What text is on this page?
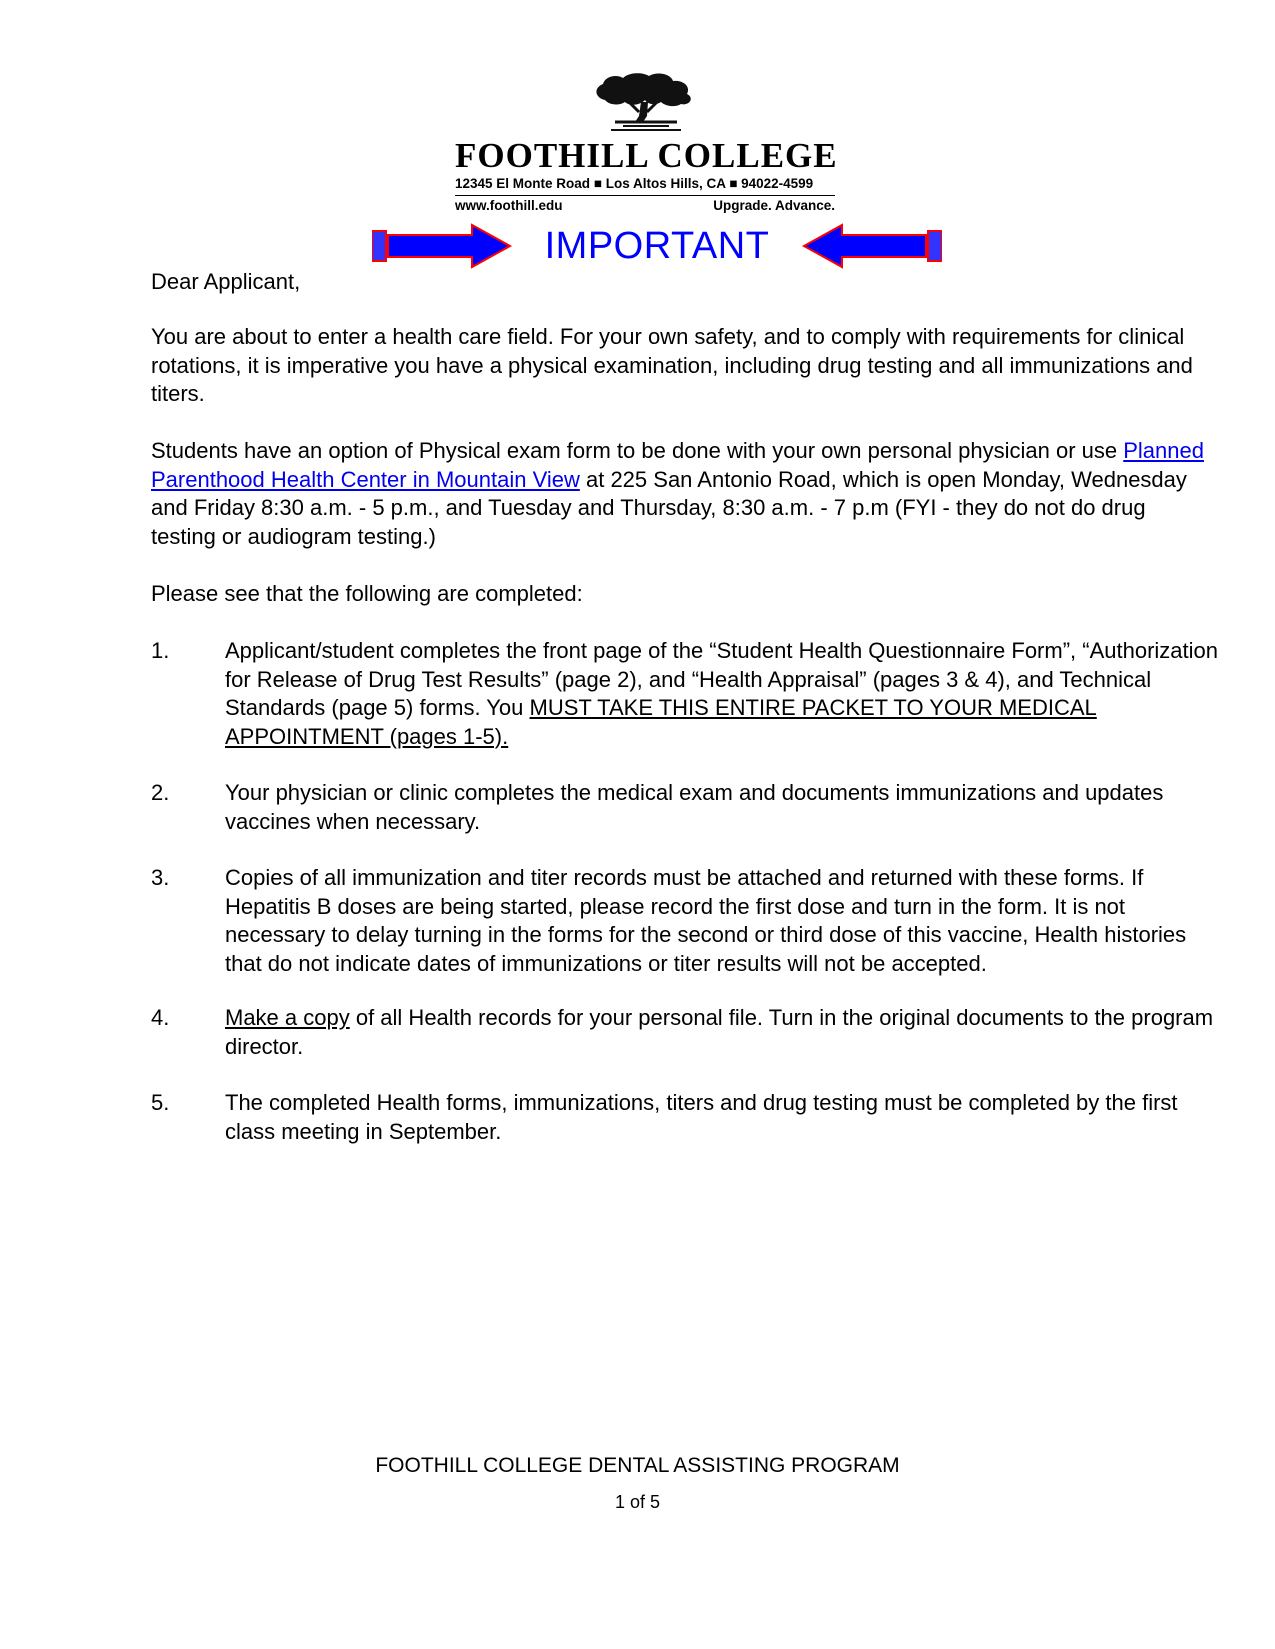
FOOTHILL COLLEGE
12345 El Monte Road ■ Los Altos Hills, CA ■ 94022-4599
www.foothill.edu	Upgrade. Advance.
IMPORTANT
Dear Applicant,
You are about to enter a health care field. For your own safety, and to comply with requirements for clinical rotations, it is imperative you have a physical examination, including drug testing and all immunizations and titers.
Students have an option of Physical exam form to be done with your own personal physician or use Planned Parenthood Health Center in Mountain View at 225 San Antonio Road, which is open Monday, Wednesday and Friday 8:30 a.m. - 5 p.m., and Tuesday and Thursday, 8:30 a.m. - 7 p.m (FYI - they do not do drug testing or audiogram testing.)
Please see that the following are completed:
1.	Applicant/student completes the front page of the “Student Health Questionnaire Form”, “Authorization for Release of Drug Test Results” (page 2), and “Health Appraisal” (pages 3 & 4), and Technical Standards (page 5) forms. You MUST TAKE THIS ENTIRE PACKET TO YOUR MEDICAL APPOINTMENT (pages 1-5).
2.	Your physician or clinic completes the medical exam and documents immunizations and updates vaccines when necessary.
3.	Copies of all immunization and titer records must be attached and returned with these forms. If Hepatitis B doses are being started, please record the first dose and turn in the form. It is not necessary to delay turning in the forms for the second or third dose of this vaccine, Health histories that do not indicate dates of immunizations or titer results will not be accepted.
4.	Make a copy of all Health records for your personal file. Turn in the original documents to the program director.
5.	The completed Health forms, immunizations, titers and drug testing must be completed by the first class meeting in September.
FOOTHILL COLLEGE DENTAL ASSISTING PROGRAM
1 of 5
